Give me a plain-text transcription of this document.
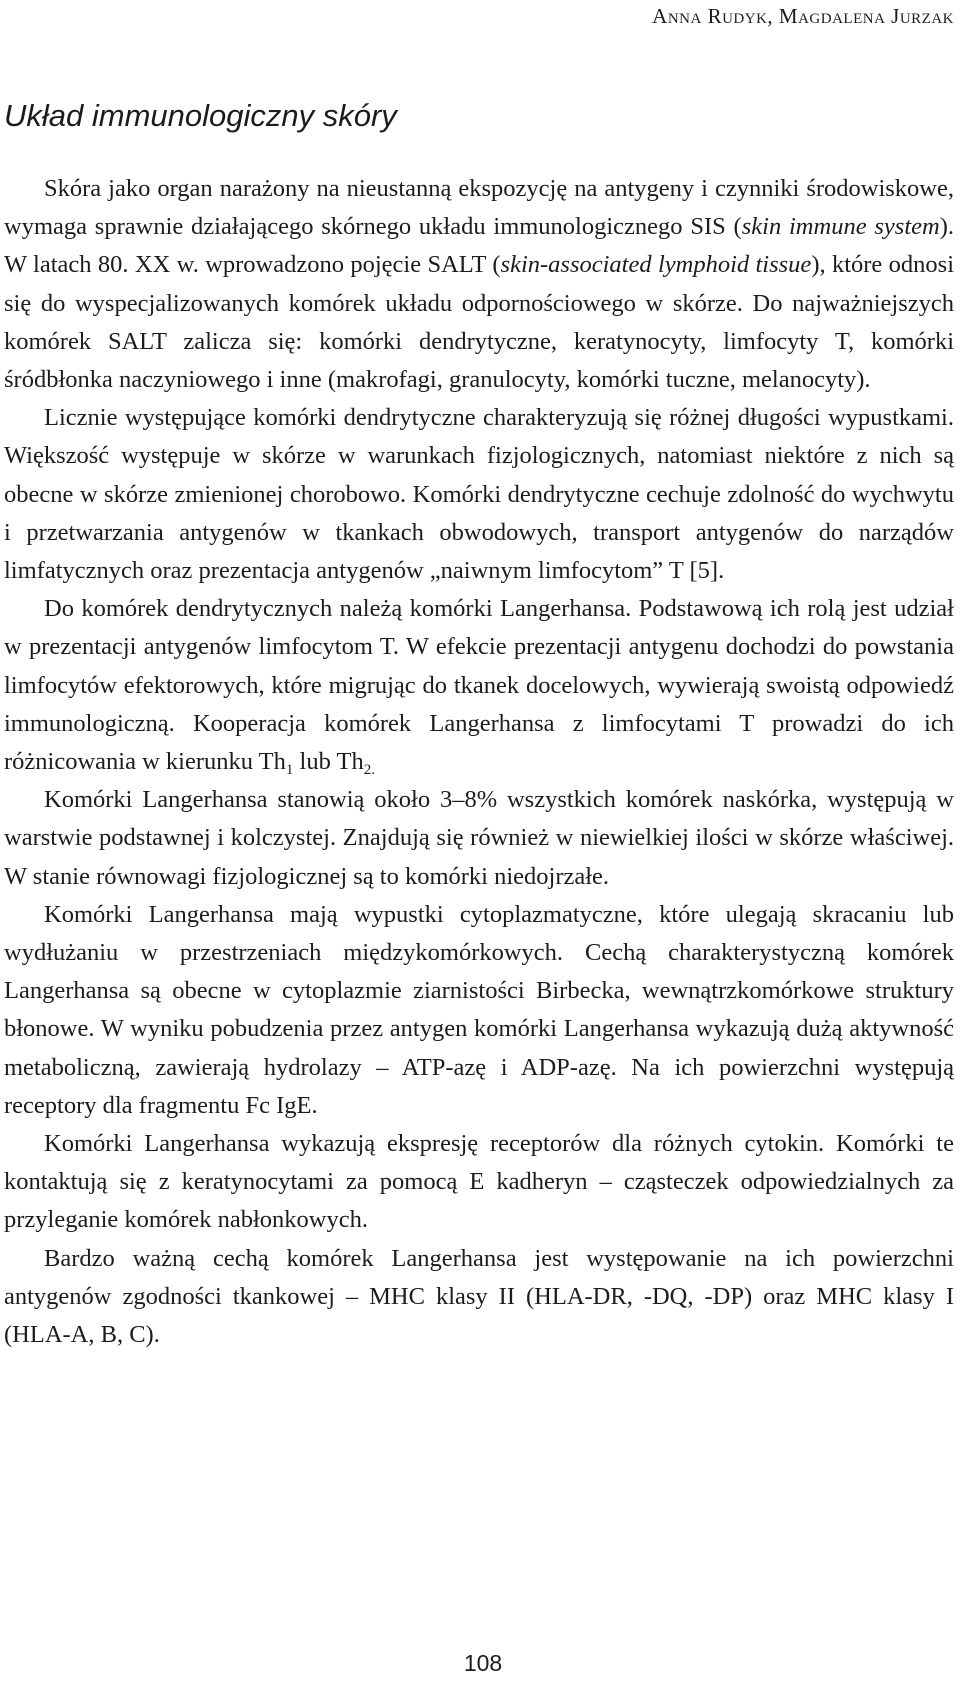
Anna Rudyk, Magdalena Jurzak
Układ immunologiczny skóry

Skóra jako organ narażony na nieustanną ekspozycję na antygeny i czynniki środowiskowe, wymaga sprawnie działającego skórnego układu immunologicznego SIS (skin immune system). W latach 80. XX w. wprowadzono pojęcie SALT (skin-associated lymphoid tissue), które odnosi się do wyspecjalizowanych komórek układu odpornościowego w skórze. Do najważniejszych komórek SALT zalicza się: komórki dendrytyczne, keratynocyty, limfocyty T, komórki śródbłonka naczyniowego i inne (makrofagi, granulocyty, komórki tuczne, melanocyty).

Licznie występujące komórki dendrytyczne charakteryzują się różnej długości wypustkami. Większość występuje w skórze w warunkach fizjologicznych, natomiast niektóre z nich są obecne w skórze zmienionej chorobowo. Komórki dendrytyczne cechuje zdolność do wychwytu i przetwarzania antygenów w tkankach obwodowych, transport antygenów do narządów limfatycznych oraz prezentacja antygenów „naiwnym limfocytom” T [5].

Do komórek dendrytycznych należą komórki Langerhansa. Podstawową ich rolą jest udział w prezentacji antygenów limfocytom T. W efekcie prezentacji antygenu dochodzi do powstania limfocytów efektorowych, które migrując do tkanek docelowych, wywierają swoistą odpowiedź immunologiczną. Kooperacja komórek Langerhansa z limfocytami T prowadzi do ich różnicowania w kierunku $Th_1$ lub $Th_{2.}$

Komórki Langerhansa stanowią około 3–8% wszystkich komórek naskórka, występują w warstwie podstawnej i kolczystej. Znajdują się również w niewielkiej ilości w skórze właściwej. W stanie równowagi fizjologicznej są to komórki niedojrzałe.

Komórki Langerhansa mają wypustki cytoplazmatyczne, które ulegają skracaniu lub wydłużaniu w przestrzeniach międzykomórkowych. Cechą charakterystyczną komórek Langerhansa są obecne w cytoplazmie ziarnistości Birbecka, wewnątrzkomórkowe struktury błonowe. W wyniku pobudzenia przez antygen komórki Langerhansa wykazują dużą aktywność metaboliczną, zawierają hydrolazy – ATP-azę i ADP-azę. Na ich powierzchni występują receptory dla fragmentu Fc IgE.

Komórki Langerhansa wykazują ekspresję receptorów dla różnych cytokin. Komórki te kontaktują się z keratynocytami za pomocą E kadheryn – cząsteczek odpowiedzialnych za przyleganie komórek nabłonkowych.

Bardzo ważną cechą komórek Langerhansa jest występowanie na ich powierzchni antygenów zgodności tkankowej – MHC klasy II (HLA-DR, -DQ, -DP) oraz MHC klasy I (HLA-A, B, C).

108
